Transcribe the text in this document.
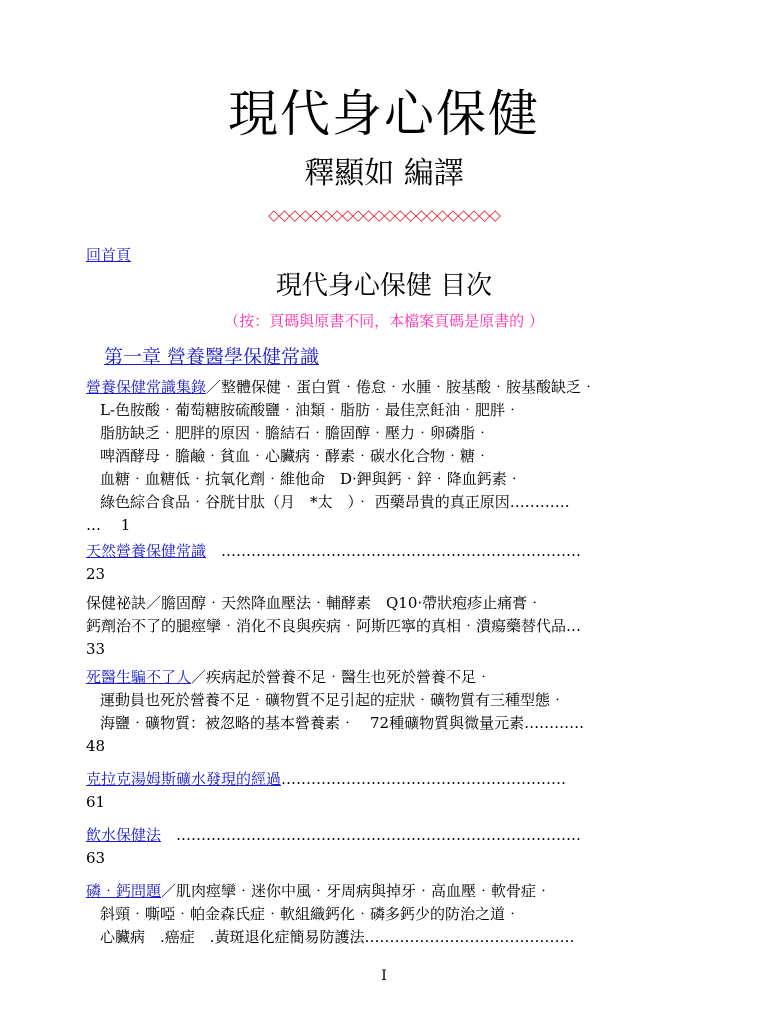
現代身心保健
釋顯如 編譯
◇◇◇◇◇◇◇◇◇◇◇◇◇◇◇◇◇◇◇◇◇◇
回首頁
現代身心保健 目次
（按：頁碼與原書不同，本檔案頁碼是原書的 ）
第一章 營養醫學保健常識
營養保健常識集錄／整體保健‧蛋白質‧倦怠‧水腫‧胺基酸‧胺基酸缺乏‧
L-色胺酸‧葡萄糖胺硫酸鹽‧油類‧脂肪‧最佳烹飪油‧肥胖‧
脂肪缺乏‧肥胖的原因‧膽結石‧膽固醇‧壓力‧卵磷脂‧
啤酒酵母‧膽鹼‧貧血‧心臟病‧酵素‧碳水化合物‧糖‧
血糖‧血糖低‧抗氧化劑‧維他命　D‧鉀與鈣‧鋅‧降血鈣素‧
綠色綜合食品‧谷胱甘肽（月　*太　）‧ 西藥昂貴的真正原因…………
…　 1
天然營養保健常識　………………………………………………………………
23
保健祕訣／膽固醇‧天然降血壓法‧輔酵素　Q10‧帶狀疱疹止痛膏‧
鈣劑治不了的腿痙攣‧消化不良與疾病‧阿斯匹寧的真相‧潰瘍藥替代品…
33
死醫生騙不了人／疾病起於營養不足‧醫生也死於營養不足‧
運動員也死於營養不足‧礦物質不足引起的症狀‧礦物質有三種型態‧
海鹽‧礦物質：被忽略的基本營養素‧　72種礦物質與微量元素…………
48
克拉克湯姆斯礦水發現的經過…………………………………………………
61
飲水保健法　………………………………………………………………………
63
磷‧鈣問題／肌肉痙攣‧迷你中風‧牙周病與掉牙‧高血壓‧軟骨症‧
斜頸‧嘶啞‧帕金森氏症‧軟組織鈣化‧磷多鈣少的防治之道‧
心臟病　.癌症　.黃斑退化症簡易防護法……………………………………
I
